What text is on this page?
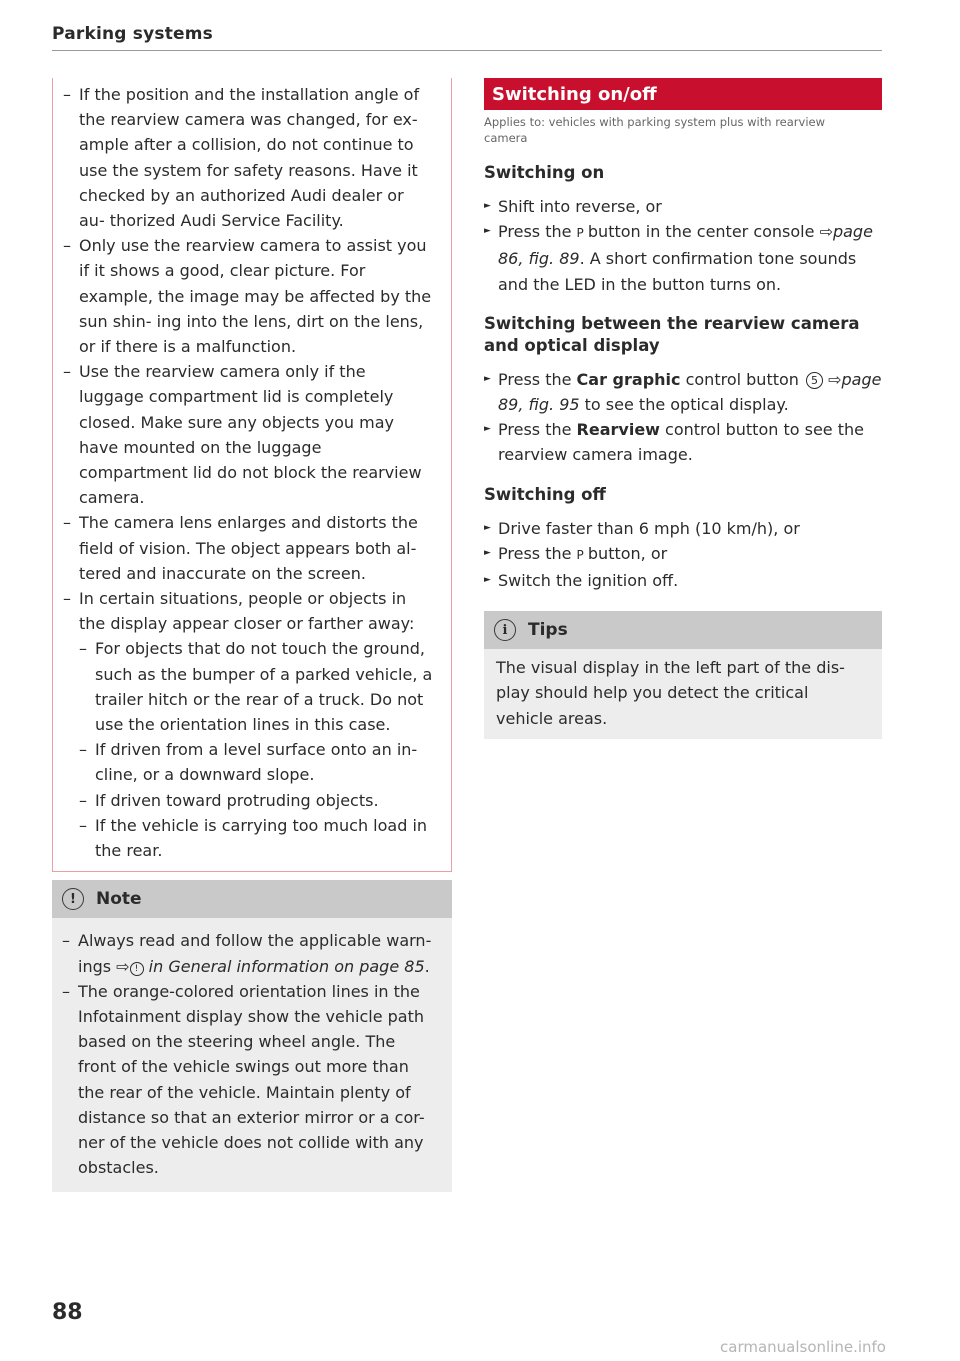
Parking systems
– If the position and the installation angle of the rearview camera was changed, for ex- ample after a collision, do not continue to use the system for safety reasons. Have it checked by an authorized Audi dealer or au- thorized Audi Service Facility.
– Only use the rearview camera to assist you if it shows a good, clear picture. For example, the image may be affected by the sun shin- ing into the lens, dirt on the lens, or if there is a malfunction.
– Use the rearview camera only if the luggage compartment lid is completely closed. Make sure any objects you may have mounted on the luggage compartment lid do not block the rearview camera.
– The camera lens enlarges and distorts the field of vision. The object appears both al- tered and inaccurate on the screen.
– In certain situations, people or objects in the display appear closer or farther away:
– For objects that do not touch the ground, such as the bumper of a parked vehicle, a trailer hitch or the rear of a truck. Do not use the orientation lines in this case.
– If driven from a level surface onto an in- cline, or a downward slope.
– If driven toward protruding objects.
– If the vehicle is carrying too much load in the rear.
!	Note
– Always read and follow the applicable warn- ings ⇨ ! in General information on page 85.
– The orange-colored orientation lines in the Infotainment display show the vehicle path based on the steering wheel angle. The front of the vehicle swings out more than the rear of the vehicle. Maintain plenty of distance so that an exterior mirror or a cor- ner of the vehicle does not collide with any obstacles.
Switching on/off
Applies to: vehicles with parking system plus with rearview camera
Switching on
► Shift into reverse, or
► Press the P button in the center console ⇨page 86, fig. 89. A short confirmation tone sounds and the LED in the button turns on.
Switching between the rearview camera and optical display
► Press the Car graphic control button 5 ⇨page 89, fig. 95 to see the optical display.
► Press the Rearview control button to see the rearview camera image.
Switching off
► Drive faster than 6 mph (10 km/h), or
► Press the P button, or
► Switch the ignition off.
i	Tips
The visual display in the left part of the dis- play should help you detect the critical vehicle areas.
88
carmanualsonline.info
